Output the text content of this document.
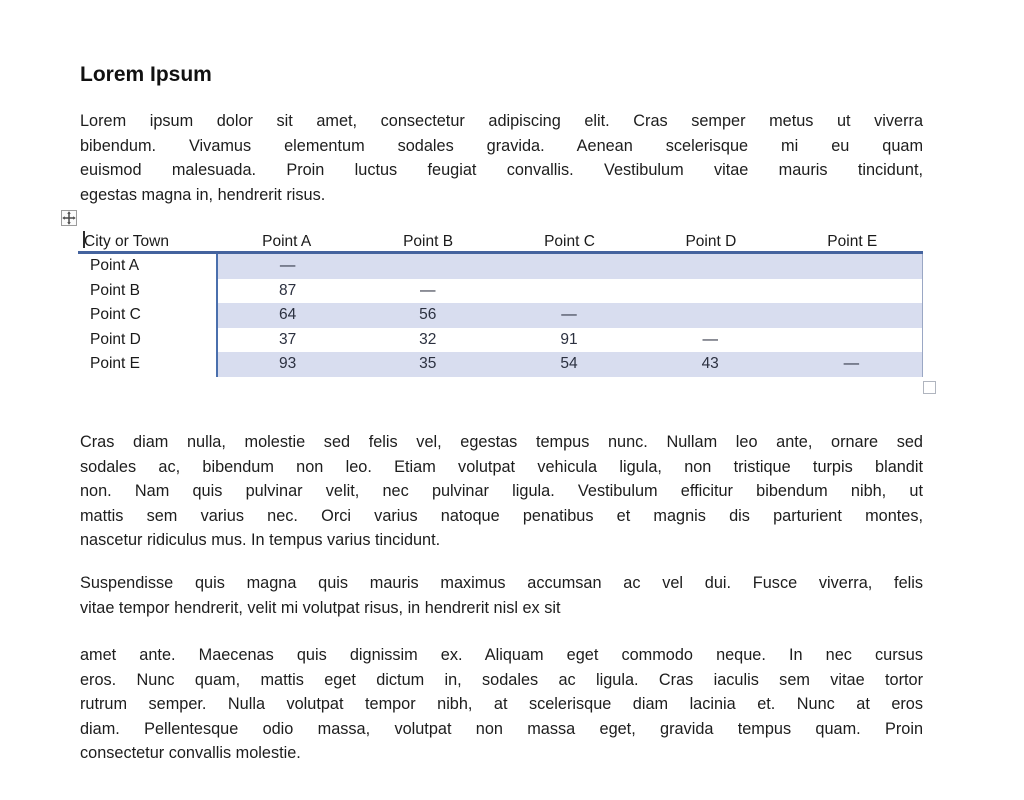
Lorem Ipsum
Lorem ipsum dolor sit amet, consectetur adipiscing elit. Cras semper metus ut viverra
bibendum. Vivamus elementum sodales gravida. Aenean scelerisque mi eu quam
euismod malesuada. Proin luctus feugiat convallis. Vestibulum vitae mauris tincidunt,
egestas magna in, hendrerit risus.
City or Town	Point A	Point B	Point C	Point D	Point E
Point A	—
Point B	87	—
Point C	64	56	—
Point D	37	32	91	—
Point E	93	35	54	43	—
Cras diam nulla, molestie sed felis vel, egestas tempus nunc. Nullam leo ante, ornare sed
sodales ac, bibendum non leo. Etiam volutpat vehicula ligula, non tristique turpis blandit
non. Nam quis pulvinar velit, nec pulvinar ligula. Vestibulum efficitur bibendum nibh, ut
mattis sem varius nec. Orci varius natoque penatibus et magnis dis parturient montes,
nascetur ridiculus mus. In tempus varius tincidunt.
Suspendisse quis magna quis mauris maximus accumsan ac vel dui. Fusce viverra, felis
vitae tempor hendrerit, velit mi volutpat risus, in hendrerit nisl ex sit
amet ante. Maecenas quis dignissim ex. Aliquam eget commodo neque. In nec cursus
eros. Nunc quam, mattis eget dictum in, sodales ac ligula. Cras iaculis sem vitae tortor
rutrum semper. Nulla volutpat tempor nibh, at scelerisque diam lacinia et. Nunc at eros
diam. Pellentesque odio massa, volutpat non massa eget, gravida tempus quam. Proin
consectetur convallis molestie.
